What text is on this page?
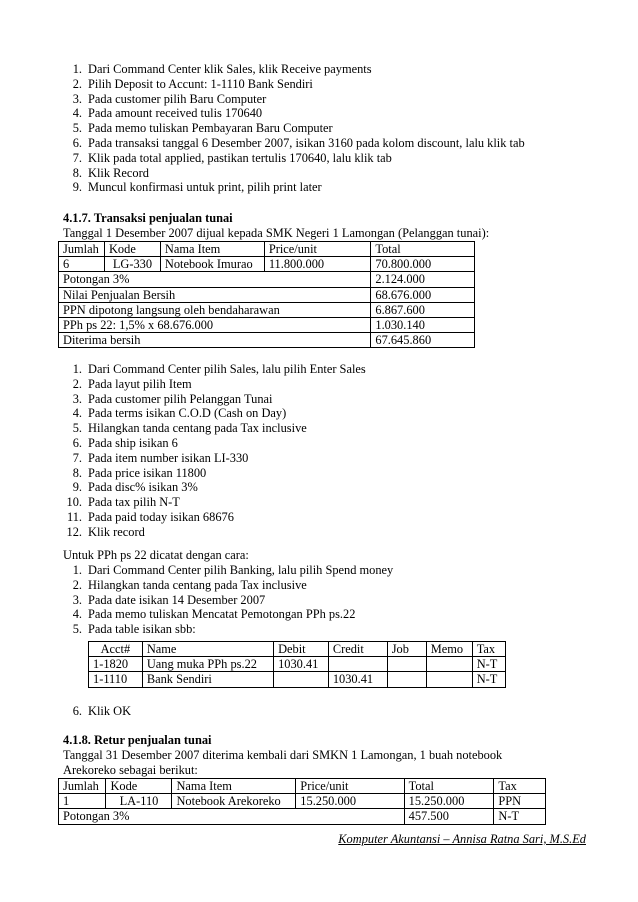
1. Dari Command Center klik Sales, klik Receive payments
2. Pilih Deposit to Accunt: 1-1110 Bank Sendiri
3. Pada customer pilih Baru Computer
4. Pada amount received tulis 170640
5. Pada memo tuliskan Pembayaran Baru Computer
6. Pada transaksi tanggal 6 Desember 2007, isikan 3160 pada kolom discount, lalu klik tab
7. Klik pada total applied, pastikan tertulis 170640, lalu klik tab
8. Klik Record
9. Muncul konfirmasi untuk print, pilih print later
4.1.7. Transaksi penjualan tunai
Tanggal 1 Desember 2007 dijual kepada SMK Negeri 1 Lamongan (Pelanggan tunai):
Jumlah	Kode	Nama Item	Price/unit	Total
6	LG-330	Notebook Imurao	11.800.000	70.800.000
Potongan 3%				2.124.000
Nilai Penjualan Bersih				68.676.000
PPN dipotong langsung oleh bendaharawan				6.867.600
PPh ps 22: 1,5% x 68.676.000				1.030.140
Diterima bersih				67.645.860
1. Dari Command Center pilih Sales, lalu pilih Enter Sales
2. Pada layut pilih Item
3. Pada customer pilih Pelanggan Tunai
4. Pada terms isikan C.O.D (Cash on Day)
5. Hilangkan tanda centang pada Tax inclusive
6. Pada ship isikan 6
7. Pada item number isikan LI-330
8. Pada price isikan 11800
9. Pada disc% isikan 3%
10. Pada tax pilih N-T
11. Pada paid today isikan 68676
12. Klik record
Untuk PPh ps 22 dicatat dengan cara:
1. Dari Command Center pilih Banking, lalu pilih Spend money
2. Hilangkan tanda centang pada Tax inclusive
3. Pada date isikan 14 Desember 2007
4. Pada memo tuliskan Mencatat Pemotongan PPh ps.22
5. Pada table isikan sbb:
Acct#	Name	Debit	Credit	Job	Memo	Tax
1-1820	Uang muka PPh ps.22	1030.41				N-T
1-1110	Bank Sendiri		1030.41			N-T
6. Klik OK
4.1.8. Retur penjualan tunai
Tanggal 31 Desember 2007 diterima kembali dari SMKN 1 Lamongan, 1 buah notebook
Arekoreko sebagai berikut:
Jumlah	Kode	Nama Item	Price/unit	Total	Tax
1	LA-110	Notebook Arekoreko	15.250.000	15.250.000	PPN
Potongan 3%				457.500	N-T
Komputer Akuntansi – Annisa Ratna Sari, M.S.Ed
